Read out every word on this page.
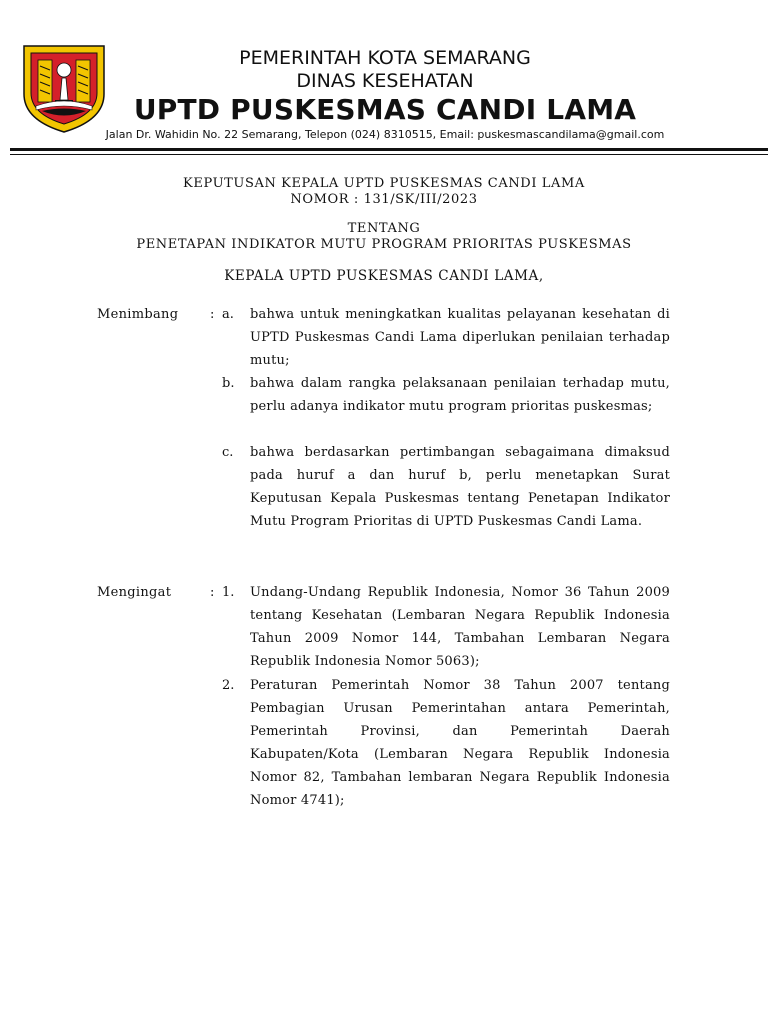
PEMERINTAH KOTA SEMARANG
DINAS KESEHATAN
UPTD PUSKESMAS CANDI LAMA
Jalan Dr. Wahidin No. 22 Semarang, Telepon (024) 8310515, Email: puskesmascandilama@gmail.com
KEPUTUSAN KEPALA UPTD PUSKESMAS CANDI LAMA
NOMOR : 131/SK/III/2023
TENTANG
PENETAPAN INDIKATOR MUTU PROGRAM PRIORITAS PUSKESMAS
KEPALA UPTD PUSKESMAS CANDI LAMA,
Menimbang : a.	bahwa untuk meningkatkan kualitas pelayanan kesehatan di UPTD Puskesmas Candi Lama diperlukan penilaian terhadap mutu;
b.	bahwa dalam rangka pelaksanaan penilaian terhadap mutu, perlu adanya indikator mutu program prioritas puskesmas;
c.	bahwa berdasarkan pertimbangan sebagaimana dimaksud pada huruf a dan huruf b, perlu menetapkan Surat Keputusan Kepala Puskesmas tentang Penetapan Indikator Mutu Program Prioritas di UPTD Puskesmas Candi Lama.
Mengingat	: 1.	Undang-Undang Republik Indonesia, Nomor 36 Tahun 2009 tentang Kesehatan (Lembaran Negara Republik Indonesia Tahun 2009 Nomor 144, Tambahan Lembaran Negara Republik Indonesia Nomor 5063);
2.	Peraturan Pemerintah Nomor 38 Tahun 2007 tentang Pembagian Urusan Pemerintahan antara Pemerintah, Pemerintah Provinsi, dan Pemerintah Daerah Kabupaten/Kota (Lembaran Negara Republik Indonesia Nomor 82, Tambahan lembaran Negara Republik Indonesia Nomor 4741);
